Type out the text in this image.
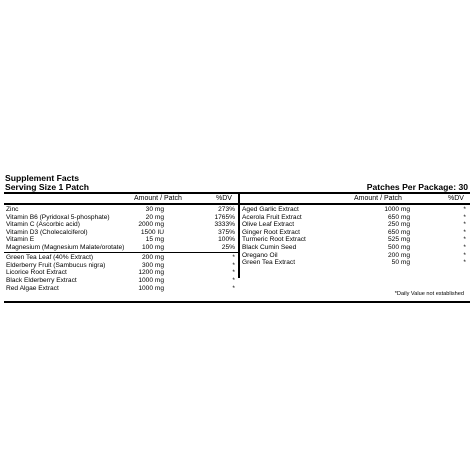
Supplement Facts
Serving Size 1 Patch	Patches Per Package: 30
Amount / Patch	%DV
Zinc	30 mg	273%
Vitamin B6 (Pyridoxal 5-phosphate)	20 mg	1765%
Vitamin C (Ascorbic acid)	2000 mg	3333%
Vitamin D3 (Cholecalciferol)	1500 IU	375%
Vitamin E	15 mg	100%
Magnesium (Magnesium Malate/orotate)	100 mg	25%
Green Tea Leaf (40% Extract)	200 mg	*
Elderberry Fruit (Sambucus nigra)	300 mg	*
Licorice Root Extract	1200 mg	*
Black Elderberry Extract	1000 mg	*
Red Algae Extract	1000 mg	*
Amount / Patch	%DV
Aged Garlic Extract	1000 mg	*
Acerola Fruit Extract	650 mg	*
Olive Leaf Extract	250 mg	*
Ginger Root Extract	650 mg	*
Turmeric Root Extract	525 mg	*
Black Cumin Seed	500 mg	*
Oregano Oil	200 mg	*
Green Tea Extract	50 mg	*
*Daily Value not established
